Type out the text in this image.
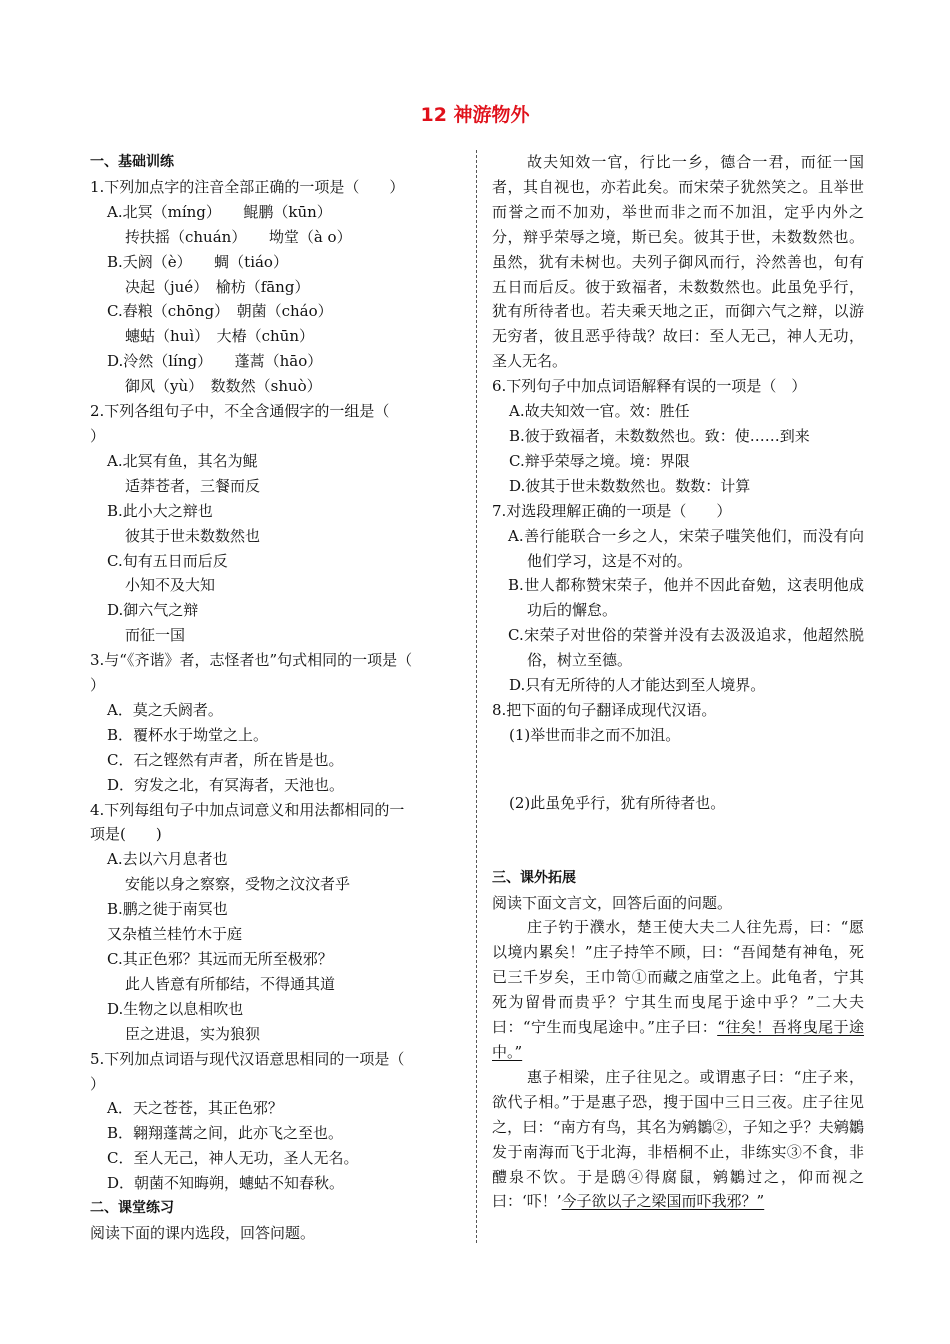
12 神游物外
一、基础训练
1.下列加点字的注音全部正确的一项是（　　）
A.北冥（míng）　　鲲鹏（kūn）
抟扶摇（chuán）　　坳堂（à o）
B.夭阏（è）　　蜩（tiáo）
决起（jué）　榆枋（fāng）
C.舂粮（chōng）　朝菌（cháo）
蟪蛄（huì）　大椿（chūn）
D.泠然（líng）　　蓬蒿（hāo）
御风（yù）　数数然（shuò）
2.下列各组句子中，不全含通假字的一组是（
）
A.北冥有鱼，其名为鲲
适莽苍者，三餐而反
B.此小大之辩也
彼其于世未数数然也
C.旬有五日而后反
小知不及大知
D.御六气之辩
而征一国
3.与“《齐谐》者，志怪者也”句式相同的一项是（
）
A．莫之夭阏者。
B．覆杯水于坳堂之上。
C．石之铿然有声者，所在皆是也。
D．穷发之北，有冥海者，天池也。
4.下列每组句子中加点词意义和用法都相同的一
项是(　　)
A.去以六月息者也
安能以身之察察，受物之汶汶者乎
B.鹏之徙于南冥也
又杂植兰桂竹木于庭
C.其正色邪？其远而无所至极邪？
此人皆意有所郁结，不得通其道
D.生物之以息相吹也
臣之进退，实为狼狈
5.下列加点词语与现代汉语意思相同的一项是（
）
A．天之苍苍，其正色邪？
B．翱翔蓬蒿之间，此亦飞之至也。
C．至人无己，神人无功，圣人无名。
D．朝菌不知晦朔，蟪蛄不知春秋。
二、课堂练习
阅读下面的课内选段，回答问题。
故夫知效一官，行比一乡，德合一君，而征一国者，其自视也，亦若此矣。而宋荣子犹然笑之。且举世而誉之而不加劝，举世而非之而不加沮，定乎内外之分，辩乎荣辱之境，斯已矣。彼其于世，未数数然也。虽然，犹有未树也。夫列子御风而行，泠然善也，旬有五日而后反。彼于致福者，未数数然也。此虽免乎行，犹有所待者也。若夫乘天地之正，而御六气之辩，以游无穷者，彼且恶乎待哉？故曰：至人无己，神人无功，圣人无名。
6.下列句子中加点词语解释有误的一项是（　）
A.故夫知效一官。效：胜任
B.彼于致福者，未数数然也。致：使……到来
C.辩乎荣辱之境。境：界限
D.彼其于世未数数然也。数数：计算
7.对选段理解正确的一项是（　　）
A.善行能联合一乡之人，宋荣子嗤笑他们，而没有向他们学习，这是不对的。
B.世人都称赞宋荣子，他并不因此奋勉，这表明他成功后的懈怠。
C.宋荣子对世俗的荣誉并没有去汲汲追求，他超然脱俗，树立至德。
D.只有无所待的人才能达到至人境界。
8.把下面的句子翻译成现代汉语。
(1)举世而非之而不加沮。
(2)此虽免乎行，犹有所待者也。
三、课外拓展
阅读下面文言文，回答后面的问题。
庄子钓于濮水，楚王使大夫二人往先焉，曰：“愿以境内累矣！”庄子持竿不顾，曰：“吾闻楚有神龟，死已三千岁矣，王巾笥①而藏之庙堂之上。此龟者，宁其死为留骨而贵乎？宁其生而曳尾于途中乎？”二大夫曰：“宁生而曳尾途中。”庄子曰：“往矣！吾将曳尾于途中。”
惠子相梁，庄子往见之。或谓惠子曰：“庄子来，欲代子相。”于是惠子恐，搜于国中三日三夜。庄子往见之，曰：“南方有鸟，其名为鹓鶵②，子知之乎？夫鹓鶵发于南海而飞于北海，非梧桐不止，非练实③不食，非醴泉不饮。于是鸱④得腐鼠，鹓鶵过之，仰而视之曰：‘吓！’今子欲以子之梁国而吓我邪？”
